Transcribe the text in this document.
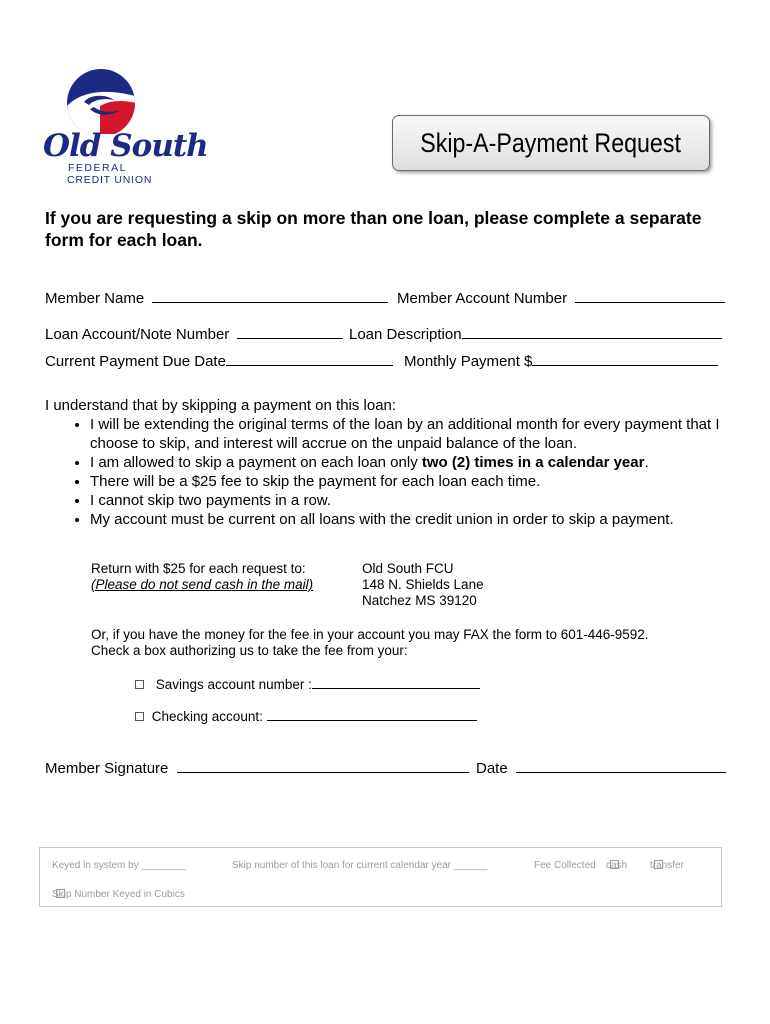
Old South
FEDERAL
CREDIT UNION
Skip-A-Payment Request
If you are requesting a skip on more than one loan, please complete a separate form for each loan.
Member Name	Member Account Number
Loan Account/Note Number	Loan Description
Current Payment Due Date	Monthly Payment $
I understand that by skipping a payment on this loan:
• I will be extending the original terms of the loan by an additional month for every payment that I choose to skip, and interest will accrue on the unpaid balance of the loan.
• I am allowed to skip a payment on each loan only two (2) times in a calendar year.
• There will be a $25 fee to skip the payment for each loan each time.
• I cannot skip two payments in a row.
• My account must be current on all loans with the credit union in order to skip a payment.
Return with $25 for each request to:
(Please do not send cash in the mail)
Old South FCU
148 N. Shields Lane
Natchez MS 39120
Or, if you have the money for the fee in your account you may FAX the form to 601-446-9592.
Check a box authorizing us to take the fee from your:
Savings account number :
Checking account:
Member Signature	Date
Keyed in system by ________	Skip number of this loan for current calendar year ______	Fee Collected cash transfer
Skip Number Keyed in Cubics
